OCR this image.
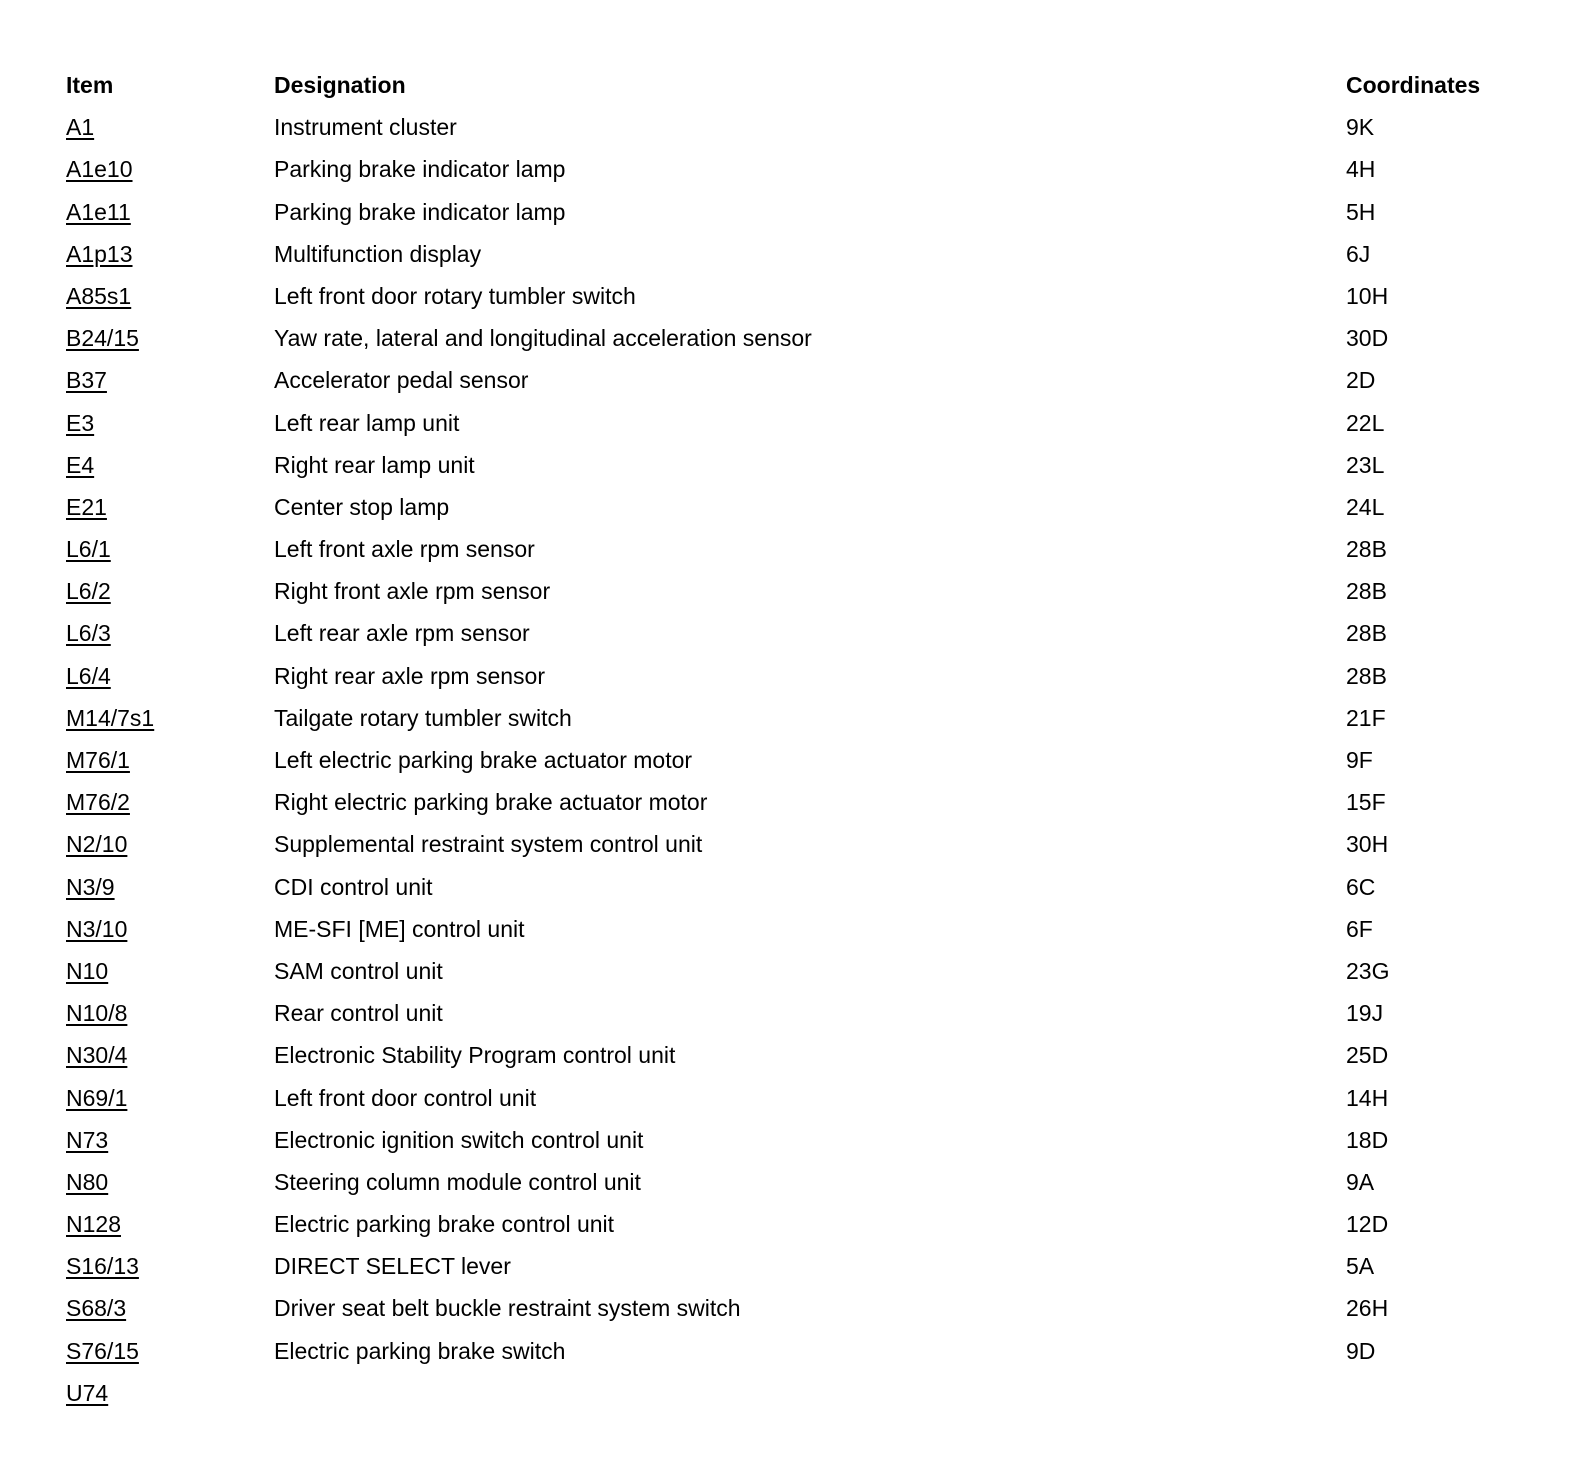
Item	Designation	Coordinates
A1	Instrument cluster	9K
A1e10	Parking brake indicator lamp	4H
A1e11	Parking brake indicator lamp	5H
A1p13	Multifunction display	6J
A85s1	Left front door rotary tumbler switch	10H
B24/15	Yaw rate, lateral and longitudinal acceleration sensor	30D
B37	Accelerator pedal sensor	2D
E3	Left rear lamp unit	22L
E4	Right rear lamp unit	23L
E21	Center stop lamp	24L
L6/1	Left front axle rpm sensor	28B
L6/2	Right front axle rpm sensor	28B
L6/3	Left rear axle rpm sensor	28B
L6/4	Right rear axle rpm sensor	28B
M14/7s1	Tailgate rotary tumbler switch	21F
M76/1	Left electric parking brake actuator motor	9F
M76/2	Right electric parking brake actuator motor	15F
N2/10	Supplemental restraint system control unit	30H
N3/9	CDI control unit	6C
N3/10	ME-SFI [ME] control unit	6F
N10	SAM control unit	23G
N10/8	Rear control unit	19J
N30/4	Electronic Stability Program control unit	25D
N69/1	Left front door control unit	14H
N73	Electronic ignition switch control unit	18D
N80	Steering column module control unit	9A
N128	Electric parking brake control unit	12D
S16/13	DIRECT SELECT lever	5A
S68/3	Driver seat belt buckle restraint system switch	26H
S76/15	Electric parking brake switch	9D
U74
